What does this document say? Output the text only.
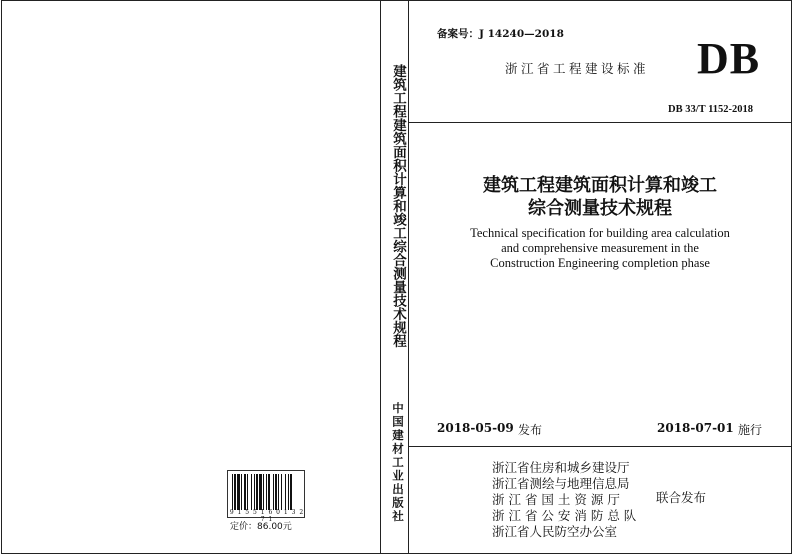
9 1 5 5 1 6 0 1 3 2 7 1
定价：86.00元
建筑工程建筑面积计算和竣工综合测量技术规程
中国建材工业出版社
备案号：J 14240—2018
浙江省工程建设标准 DB
DB 33/T 1152-2018
建筑工程建筑面积计算和竣工
综合测量技术规程
Technical specification for building area calculation
and comprehensive measurement in the
Construction Engineering completion phase
2018-05-09 发布	2018-07-01 施行
浙江省住房和城乡建设厅
浙江省测绘与地理信息局
浙 江 省 国 土 资 源 厅
浙 江 省 公 安 消 防 总 队
浙江省人民防空办公室
联合发布
